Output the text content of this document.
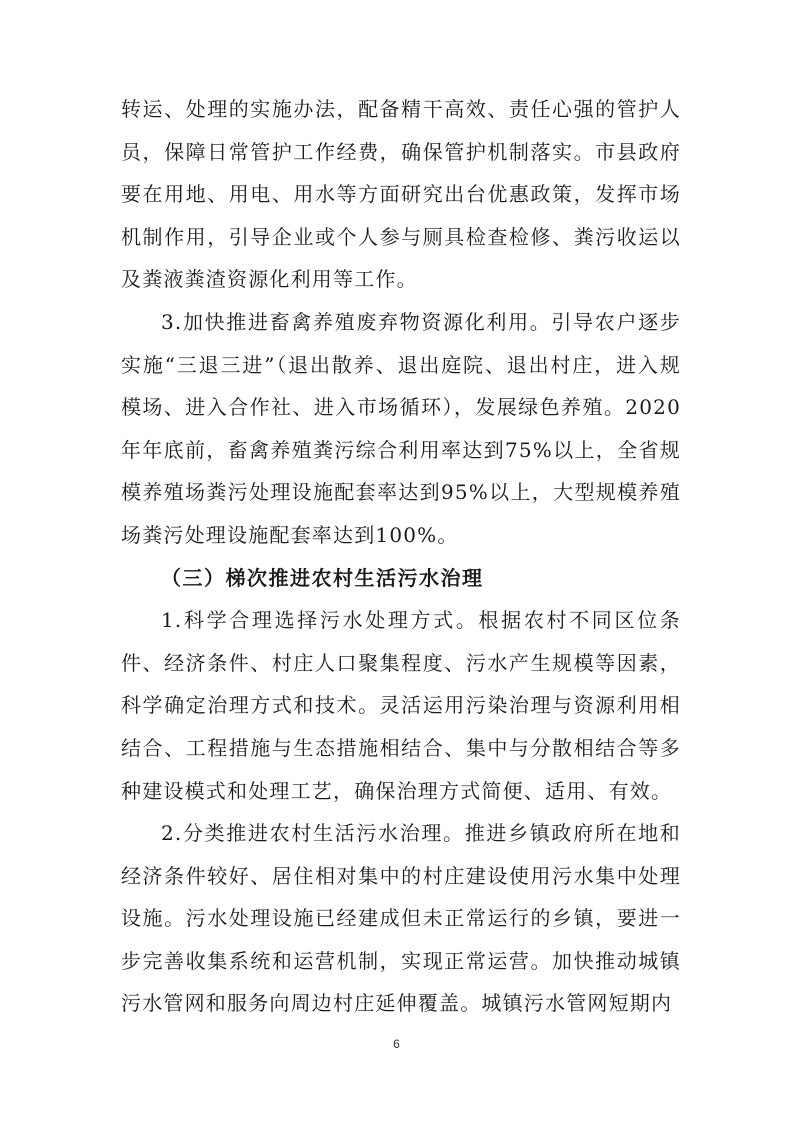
转运、处理的实施办法，配备精干高效、责任心强的管护人员，保障日常管护工作经费，确保管护机制落实。市县政府要在用地、用电、用水等方面研究出台优惠政策，发挥市场机制作用，引导企业或个人参与厕具检查检修、粪污收运以及粪液粪渣资源化利用等工作。

3.加快推进畜禽养殖废弃物资源化利用。引导农户逐步实施“三退三进”（退出散养、退出庭院、退出村庄，进入规模场、进入合作社、进入市场循环），发展绿色养殖。2020年年底前，畜禽养殖粪污综合利用率达到75%以上，全省规模养殖场粪污处理设施配套率达到95%以上，大型规模养殖场粪污处理设施配套率达到100%。

（三）梯次推进农村生活污水治理

1.科学合理选择污水处理方式。根据农村不同区位条件、经济条件、村庄人口聚集程度、污水产生规模等因素，科学确定治理方式和技术。灵活运用污染治理与资源利用相结合、工程措施与生态措施相结合、集中与分散相结合等多种建设模式和处理工艺，确保治理方式简便、适用、有效。

2.分类推进农村生活污水治理。推进乡镇政府所在地和经济条件较好、居住相对集中的村庄建设使用污水集中处理设施。污水处理设施已经建成但未正常运行的乡镇，要进一步完善收集系统和运营机制，实现正常运营。加快推动城镇污水管网和服务向周边村庄延伸覆盖。城镇污水管网短期内

6
